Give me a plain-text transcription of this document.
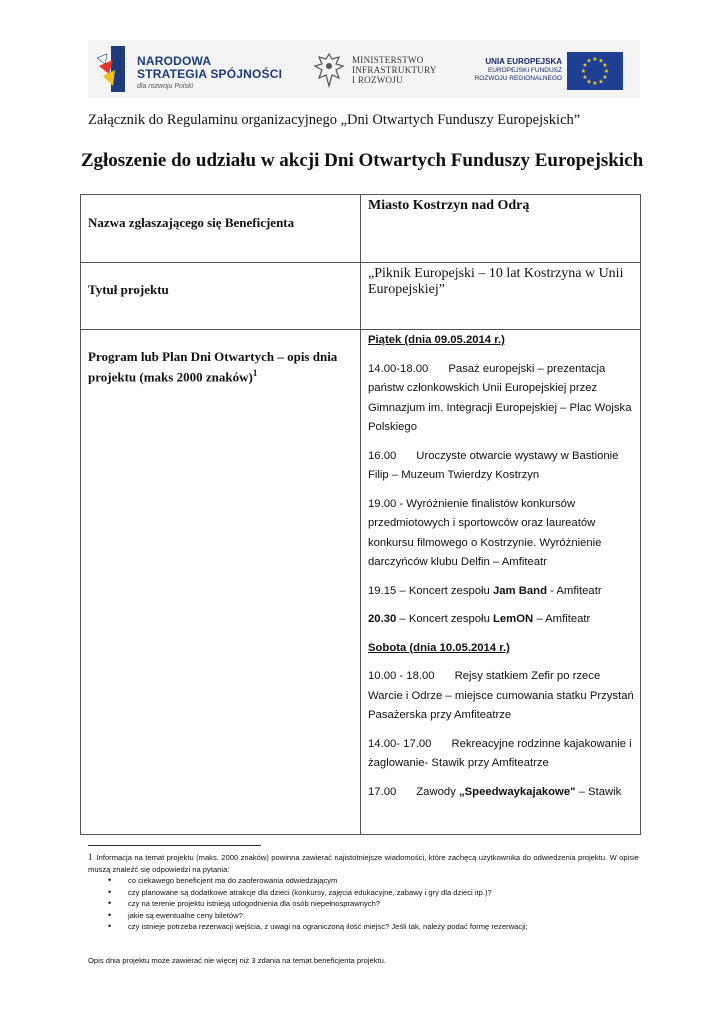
NARODOWA
STRATEGIA SPÓJNOŚCI
dla rozwoju Polski
MINISTERSTWO
INFRASTRUKTURY
I ROZWOJU
UNIA EUROPEJSKA
EUROPEJSKI FUNDUSZ
ROZWOJU REGIONALNEGO
★ ★
★
★
★
★
★
★
★
★
★
★
Załącznik do Regulaminu organizacyjnego „Dni Otwartych Funduszy Europejskich”
Zgłoszenie do udziału w akcji Dni Otwartych Funduszy Europejskich
Nazwa zgłaszającego się Beneficjenta
Miasto Kostrzyn nad Odrą
Tytuł projektu
„Piknik Europejski – 10 lat Kostrzyna w Unii Europejskiej”
Program lub Plan Dni Otwartych – opis dnia projektu (maks 2000 znaków)$^1$

Piątek (dnia 09.05.2014 r.)

14.00-18.00 Pasaż europejski – prezentacja państw członkowskich Unii Europejskiej przez Gimnazjum im. Integracji Europejskiej – Plac Wojska Polskiego

16.00 Uroczyste otwarcie wystawy w Bastionie Filip – Muzeum Twierdzy Kostrzyn

19.00 - Wyróżnienie finalistów konkursów przedmiotowych i sportowców oraz laureatów konkursu filmowego o Kostrzynie. Wyróżnienie darczyńców klubu Delfin – Amfiteatr

19.15 – Koncert zespołu Jam Band - Amfiteatr

20.30 – Koncert zespołu LemON – Amfiteatr

Sobota (dnia 10.05.2014 r.)

10.00 - 18.00 Rejsy statkiem Zefir po rzece Warcie i Odrze – miejsce cumowania statku Przystań Pasażerska przy Amfiteatrze

14.00- 17.00 Rekreacyjne rodzinne kajakowanie i żaglowanie- Stawik przy Amfiteatrze

17.00 Zawody „Speedwaykajakowe" – Stawik

$^1$ Informacja na temat projektu (maks. 2000 znaków) powinna zawierać najistotniejsze wiadomości, które zachęcą użytkownika do odwiedzenia projektu. W opisie muszą znaleźć się odpowiedzi na pytania:
• co ciekawego beneficjent ma do zaoferowania odwiedzającym
• czy planowane są dodatkowe atrakcje dla dzieci (konkursy, zajęcia edukacyjne, zabawy i gry dla dzieci itp.)?
• czy na terenie projektu istnieją udogodnienia dla osób niepełnosprawnych?
• jakie są ewentualne ceny biletów?
• czy istnieje potrzeba rezerwacji wejścia, z uwagi na ograniczoną ilość miejsc? Jeśli tak, należy podać formę rezerwacji;
Opis dnia projektu może zawierać nie więcej niż 3 zdania na temat beneficjenta projektu.
